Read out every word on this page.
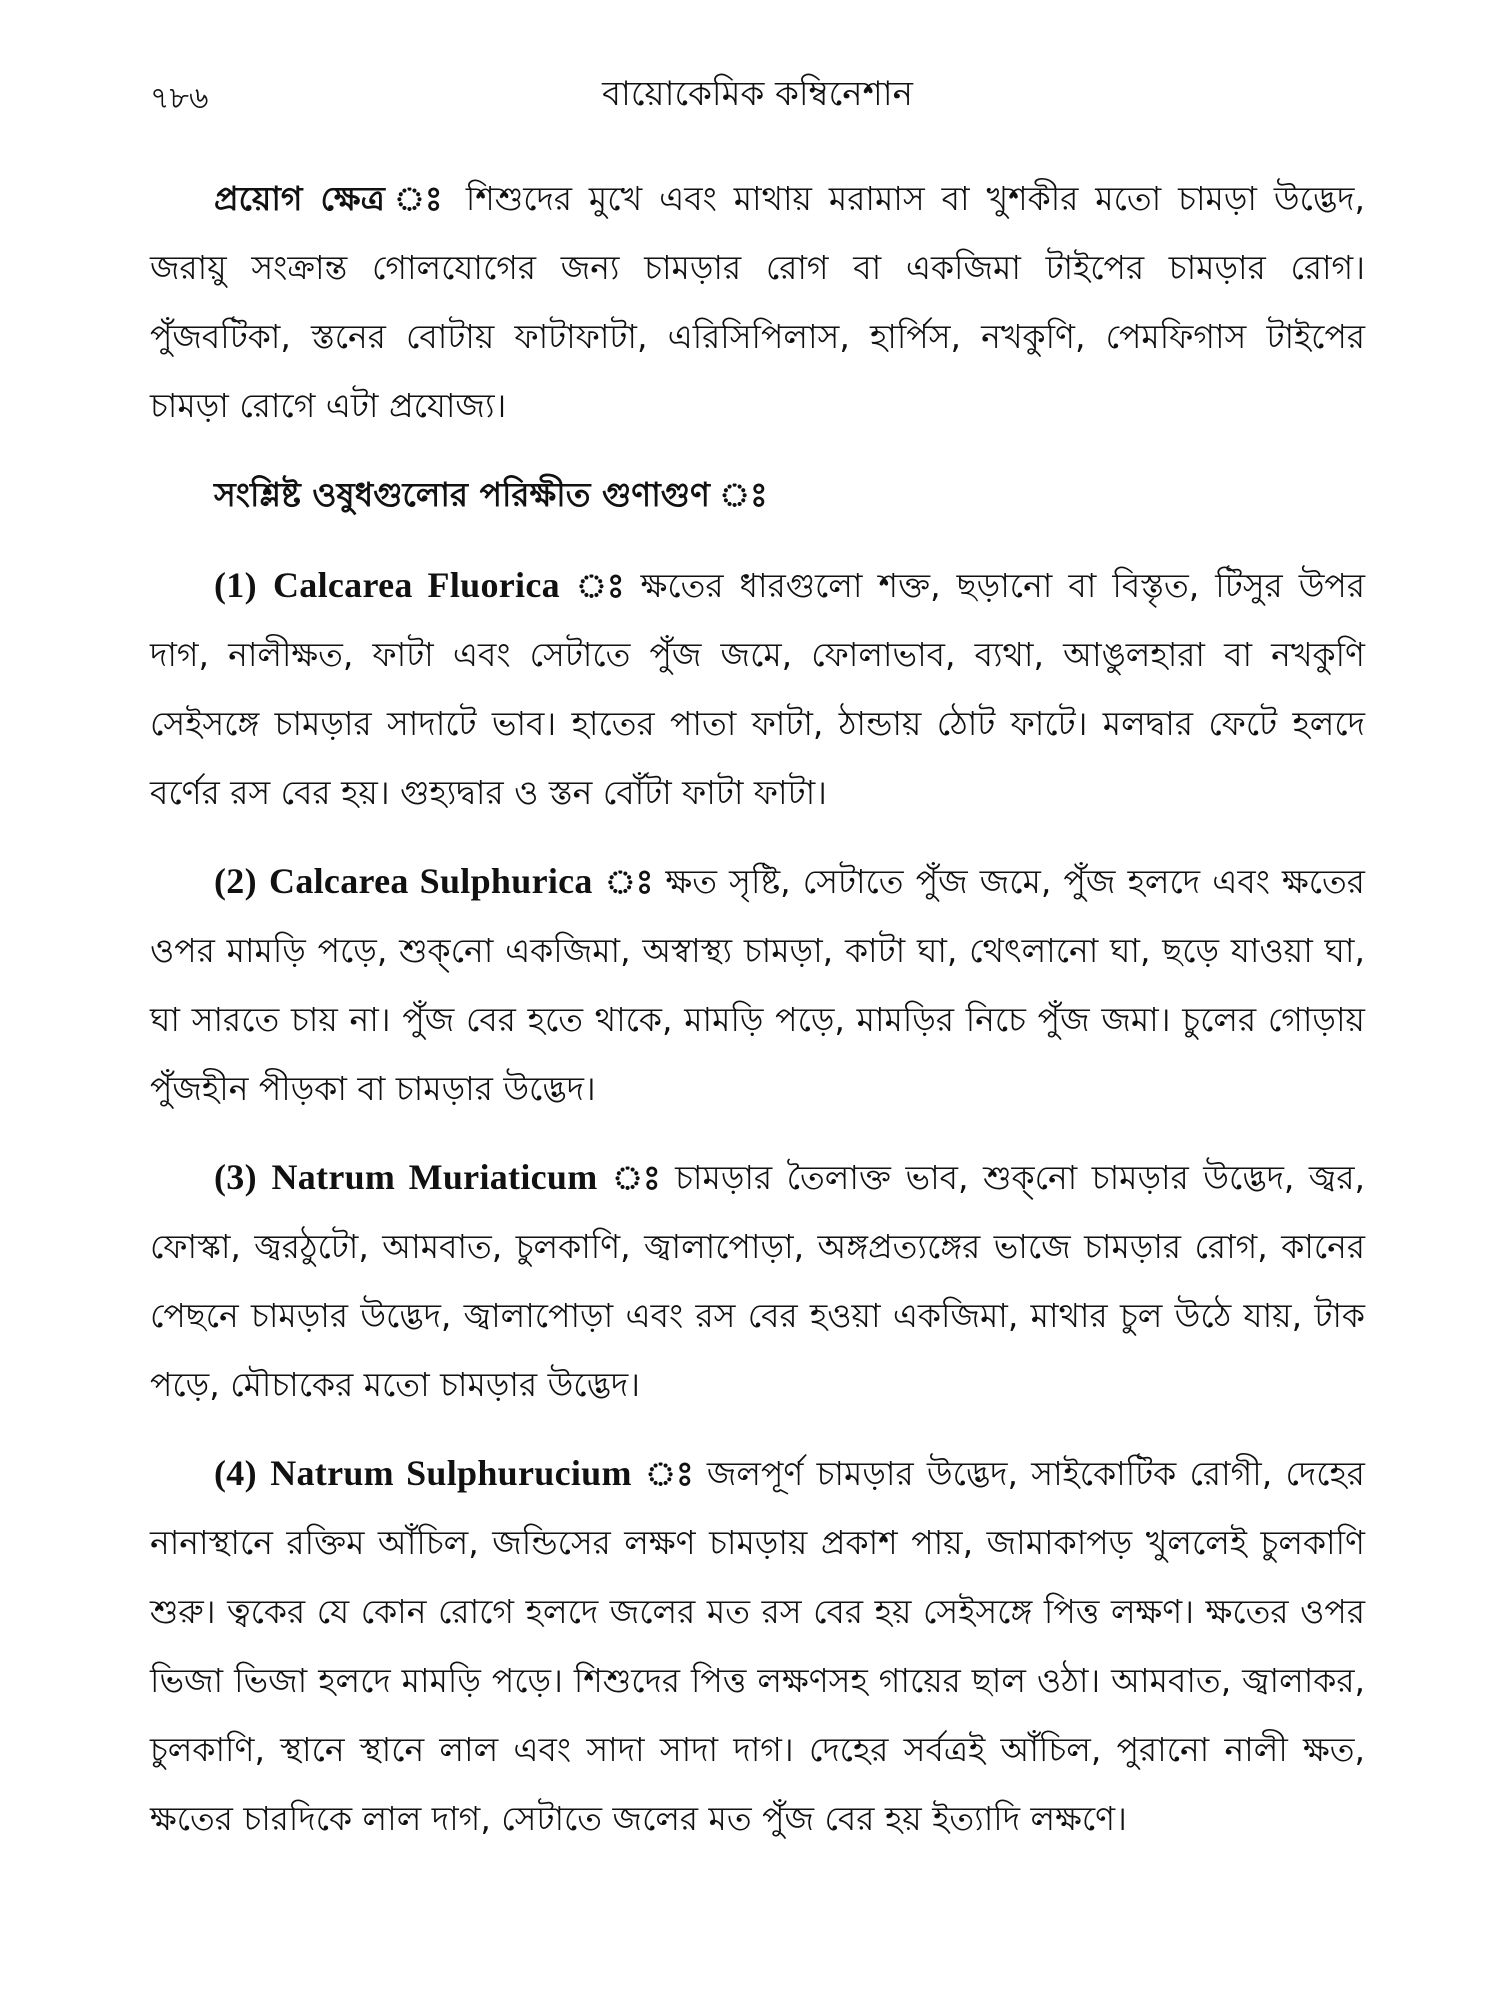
৭৮৬	বায়োকেমিক কম্বিনেশান

প্রয়োগ ক্ষেত্র ঃ শিশুদের মুখে এবং মাথায় মরামাস বা খুশকীর মতো চামড়া উদ্ভেদ, জরায়ু সংক্রান্ত গোলযোগের জন্য চামড়ার রোগ বা একজিমা টাইপের চামড়ার রোগ। পুঁজবটিকা, স্তনের বোটায় ফাটাফাটা, এরিসিপিলাস, হার্পিস, নখকুণি, পেমফিগাস টাইপের চামড়া রোগে এটা প্রযোজ্য।

সংশ্লিষ্ট ওষুধগুলোর পরিক্ষীত গুণাগুণ ঃ

(1) Calcarea Fluorica ঃ ক্ষতের ধারগুলো শক্ত, ছড়ানো বা বিস্তৃত, টিসুর উপর দাগ, নালীক্ষত, ফাটা এবং সেটাতে পুঁজ জমে, ফোলাভাব, ব্যথা, আঙুলহারা বা নখকুণি সেইসঙ্গে চামড়ার সাদাটে ভাব। হাতের পাতা ফাটা, ঠান্ডায় ঠোট ফাটে। মলদ্বার ফেটে হলদে বর্ণের রস বের হয়। গুহ্যদ্বার ও স্তন বোঁটা ফাটা ফাটা।

(2) Calcarea Sulphurica ঃ ক্ষত সৃষ্টি, সেটাতে পুঁজ জমে, পুঁজ হলদে এবং ক্ষতের ওপর মামড়ি পড়ে, শুক্‌নো একজিমা, অস্বাস্থ্য চামড়া, কাটা ঘা, থেৎলানো ঘা, ছড়ে যাওয়া ঘা, ঘা সারতে চায় না। পুঁজ বের হতে থাকে, মামড়ি পড়ে, মামড়ির নিচে পুঁজ জমা। চুলের গোড়ায় পুঁজহীন পীড়কা বা চামড়ার উদ্ভেদ।

(3) Natrum Muriaticum ঃ চামড়ার তৈলাক্ত ভাব, শুক্‌নো চামড়ার উদ্ভেদ, জ্বর, ফোস্কা, জ্বরঠুটো, আমবাত, চুলকাণি, জ্বালাপোড়া, অঙ্গপ্রত্যঙ্গের ভাজে চামড়ার রোগ, কানের পেছনে চামড়ার উদ্ভেদ, জ্বালাপোড়া এবং রস বের হওয়া একজিমা, মাথার চুল উঠে যায়, টাক পড়ে, মৌচাকের মতো চামড়ার উদ্ভেদ।

(4) Natrum Sulphurucium ঃ জলপূর্ণ চামড়ার উদ্ভেদ, সাইকোটিক রোগী, দেহের নানাস্থানে রক্তিম আঁচিল, জন্ডিসের লক্ষণ চামড়ায় প্রকাশ পায়, জামাকাপড় খুললেই চুলকাণি শুরু। ত্বকের যে কোন রোগে হলদে জলের মত রস বের হয় সেইসঙ্গে পিত্ত লক্ষণ। ক্ষতের ওপর ভিজা ভিজা হলদে মামড়ি পড়ে। শিশুদের পিত্ত লক্ষণসহ গায়ের ছাল ওঠা। আমবাত, জ্বালাকর, চুলকাণি, স্থানে স্থানে লাল এবং সাদা সাদা দাগ। দেহের সর্বত্রই আঁচিল, পুরানো নালী ক্ষত, ক্ষতের চারদিকে লাল দাগ, সেটাতে জলের মত পুঁজ বের হয় ইত্যাদি লক্ষণে।
